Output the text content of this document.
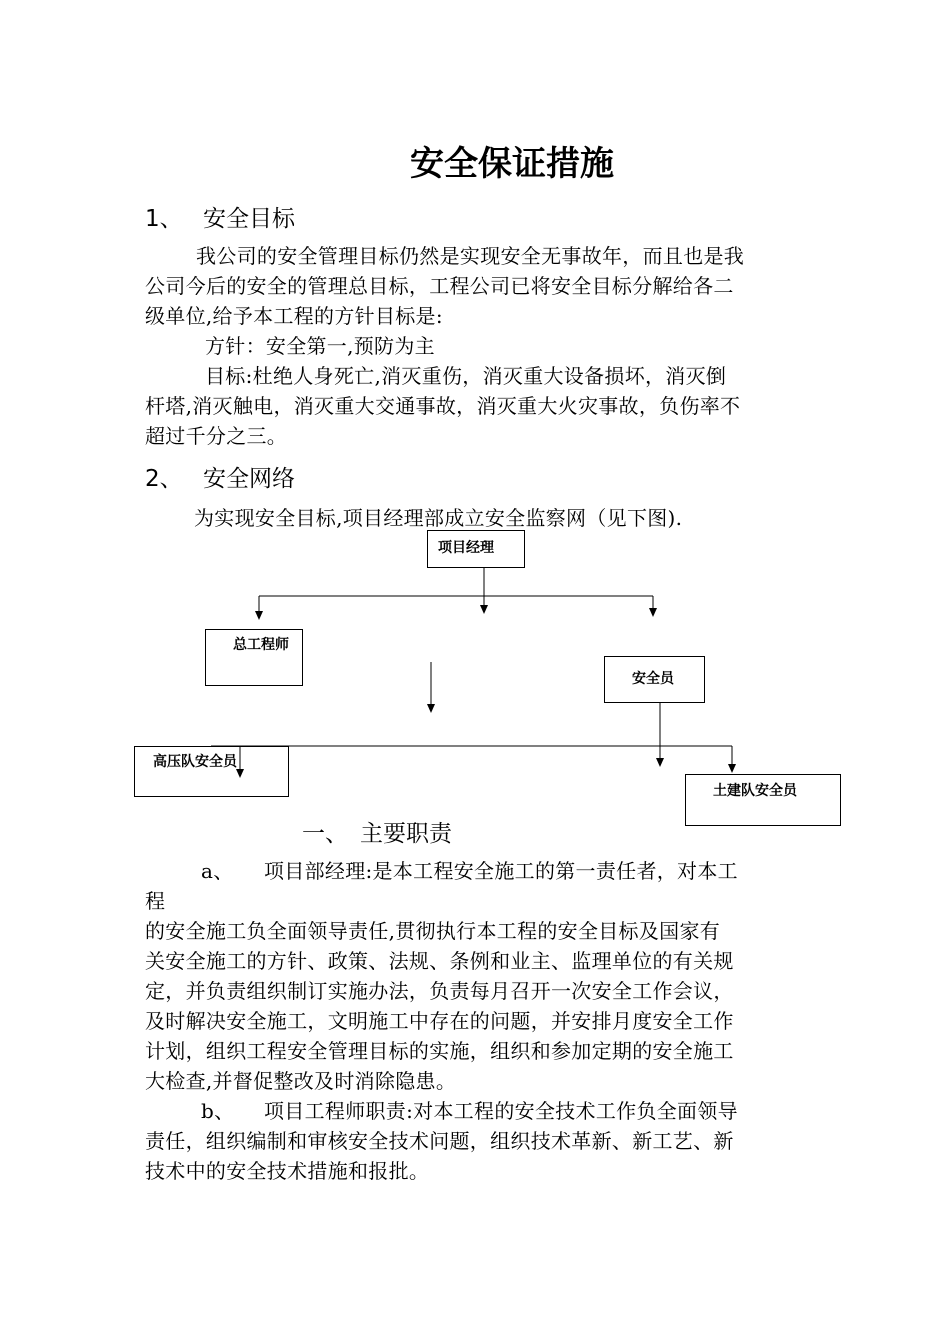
安全保证措施
1、 安全目标
我公司的安全管理目标仍然是实现安全无事故年，而且也是我
公司今后的安全的管理总目标，工程公司已将安全目标分解给各二
级单位,给予本工程的方针目标是:
方针：安全第一,预防为主
目标:杜绝人身死亡,消灭重伤，消灭重大设备损坏，消灭倒
杆塔,消灭触电，消灭重大交通事故，消灭重大火灾事故，负伤率不
超过千分之三。
2、 安全网络
为实现安全目标,项目经理部成立安全监察网（见下图).
项目经理
总工程师
安全员
高压队安全员
土建队安全员
一、 主要职责
a、	项目部经理:是本工程安全施工的第一责任者，对本工
程
的安全施工负全面领导责任,贯彻执行本工程的安全目标及国家有
关安全施工的方针、政策、法规、条例和业主、监理单位的有关规
定，并负责组织制订实施办法，负责每月召开一次安全工作会议，
及时解决安全施工，文明施工中存在的问题，并安排月度安全工作
计划，组织工程安全管理目标的实施，组织和参加定期的安全施工
大检查,并督促整改及时消除隐患。
b、	项目工程师职责:对本工程的安全技术工作负全面领导
责任，组织编制和审核安全技术问题，组织技术革新、新工艺、新
技术中的安全技术措施和报批。
